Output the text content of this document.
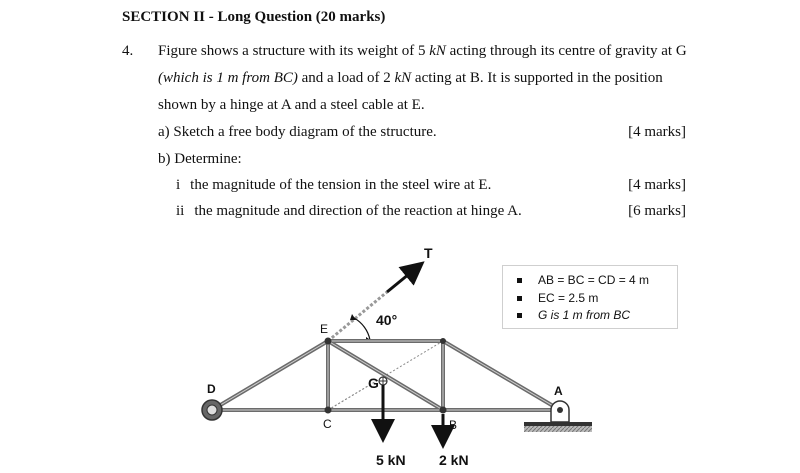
SECTION II - Long Question (20 marks)
4. Figure shows a structure with its weight of 5 kN acting through its centre of gravity at G
(which is 1 m from BC) and a load of 2 kN acting at B. It is supported in the position
shown by a hinge at A and a steel cable at E.
a) Sketch a free body diagram of the structure.	[4 marks]
b) Determine:
i the magnitude of the tension in the steel wire at E.	[4 marks]
ii the magnitude and direction of the reaction at hinge A.	[6 marks]
T
40°
E
D
C
G
B
A
5 kN 2 kN
AB = BC = CD = 4 m
EC = 2.5 m
G is 1 m from BC
